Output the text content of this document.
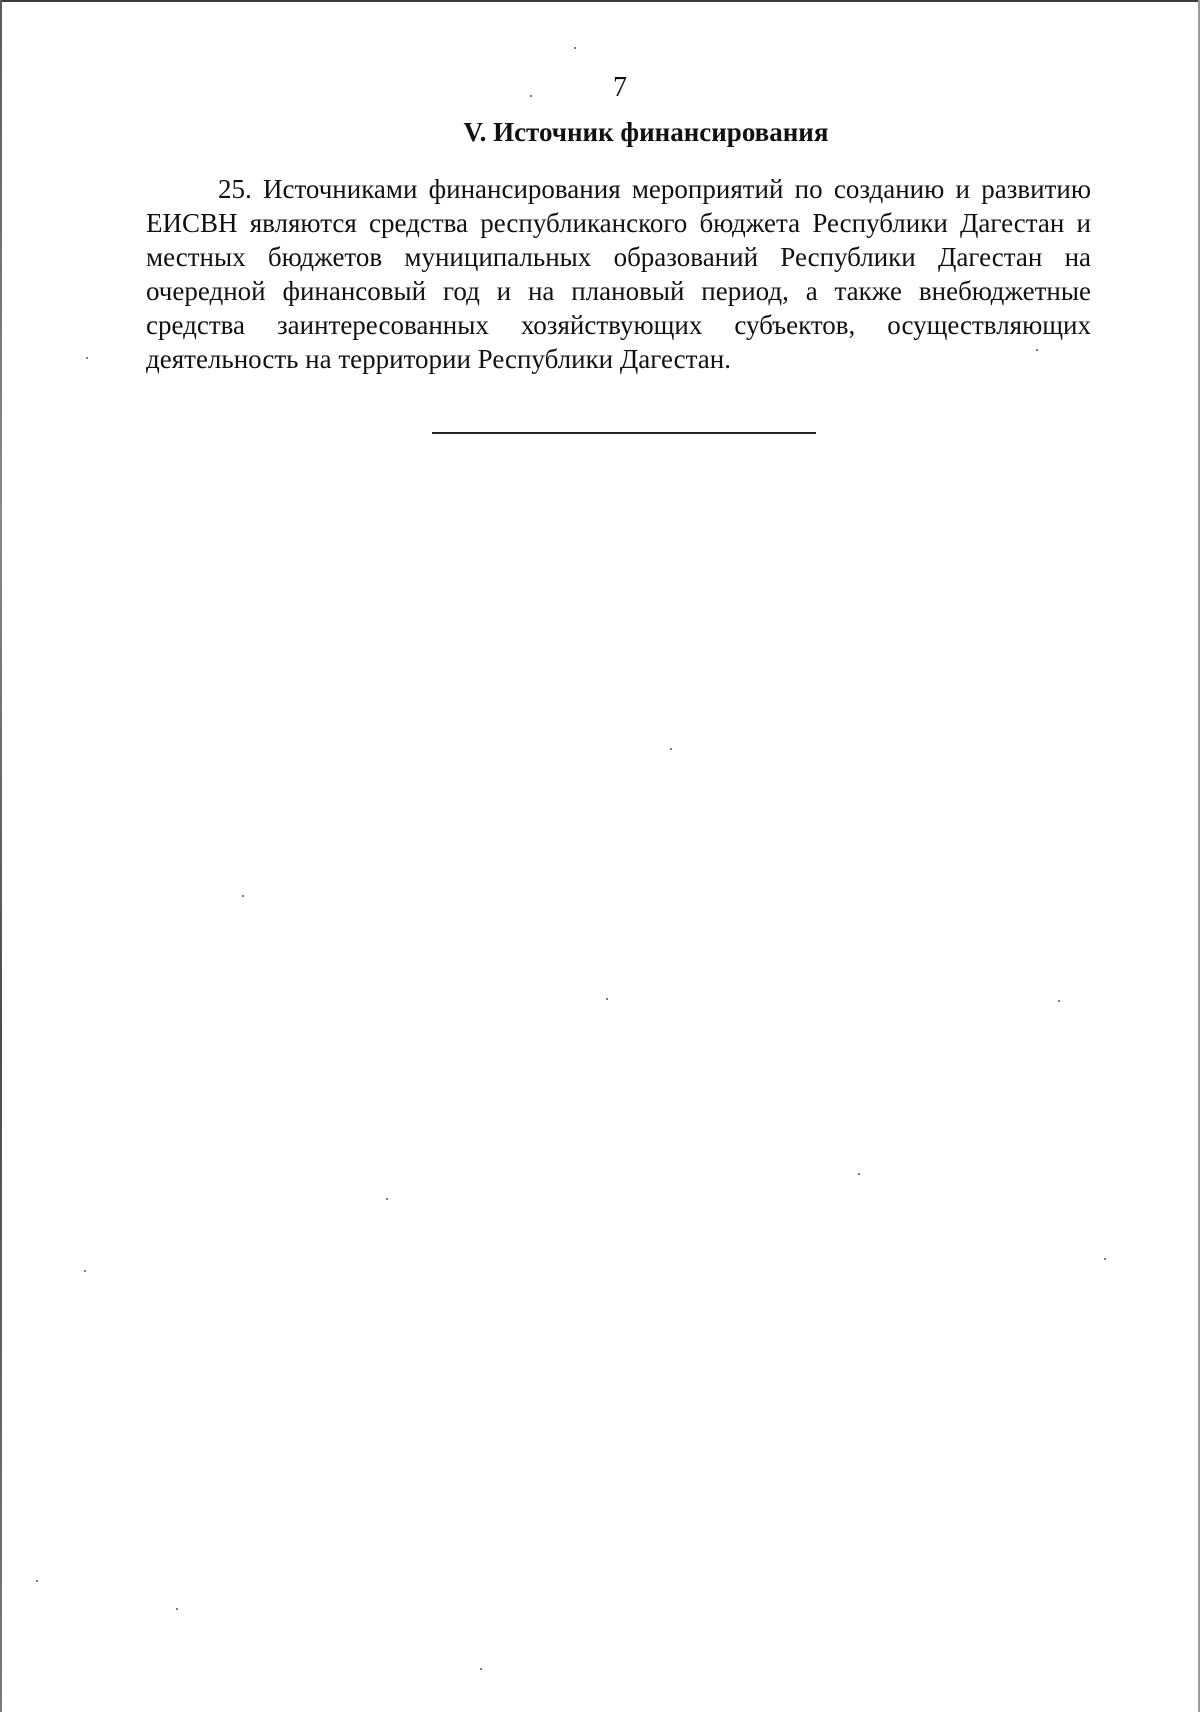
7
V. Источник финансирования

25. Источниками финансирования мероприятий по созданию и развитию ЕИСВН являются средства республиканского бюджета Республики Дагестан и местных бюджетов муниципальных образований Республики Дагестан на очередной финансовый год и на плановый период, а также внебюджетные средства заинтересованных хозяйствующих субъектов, осуществляющих деятельность на территории Республики Дагестан.
